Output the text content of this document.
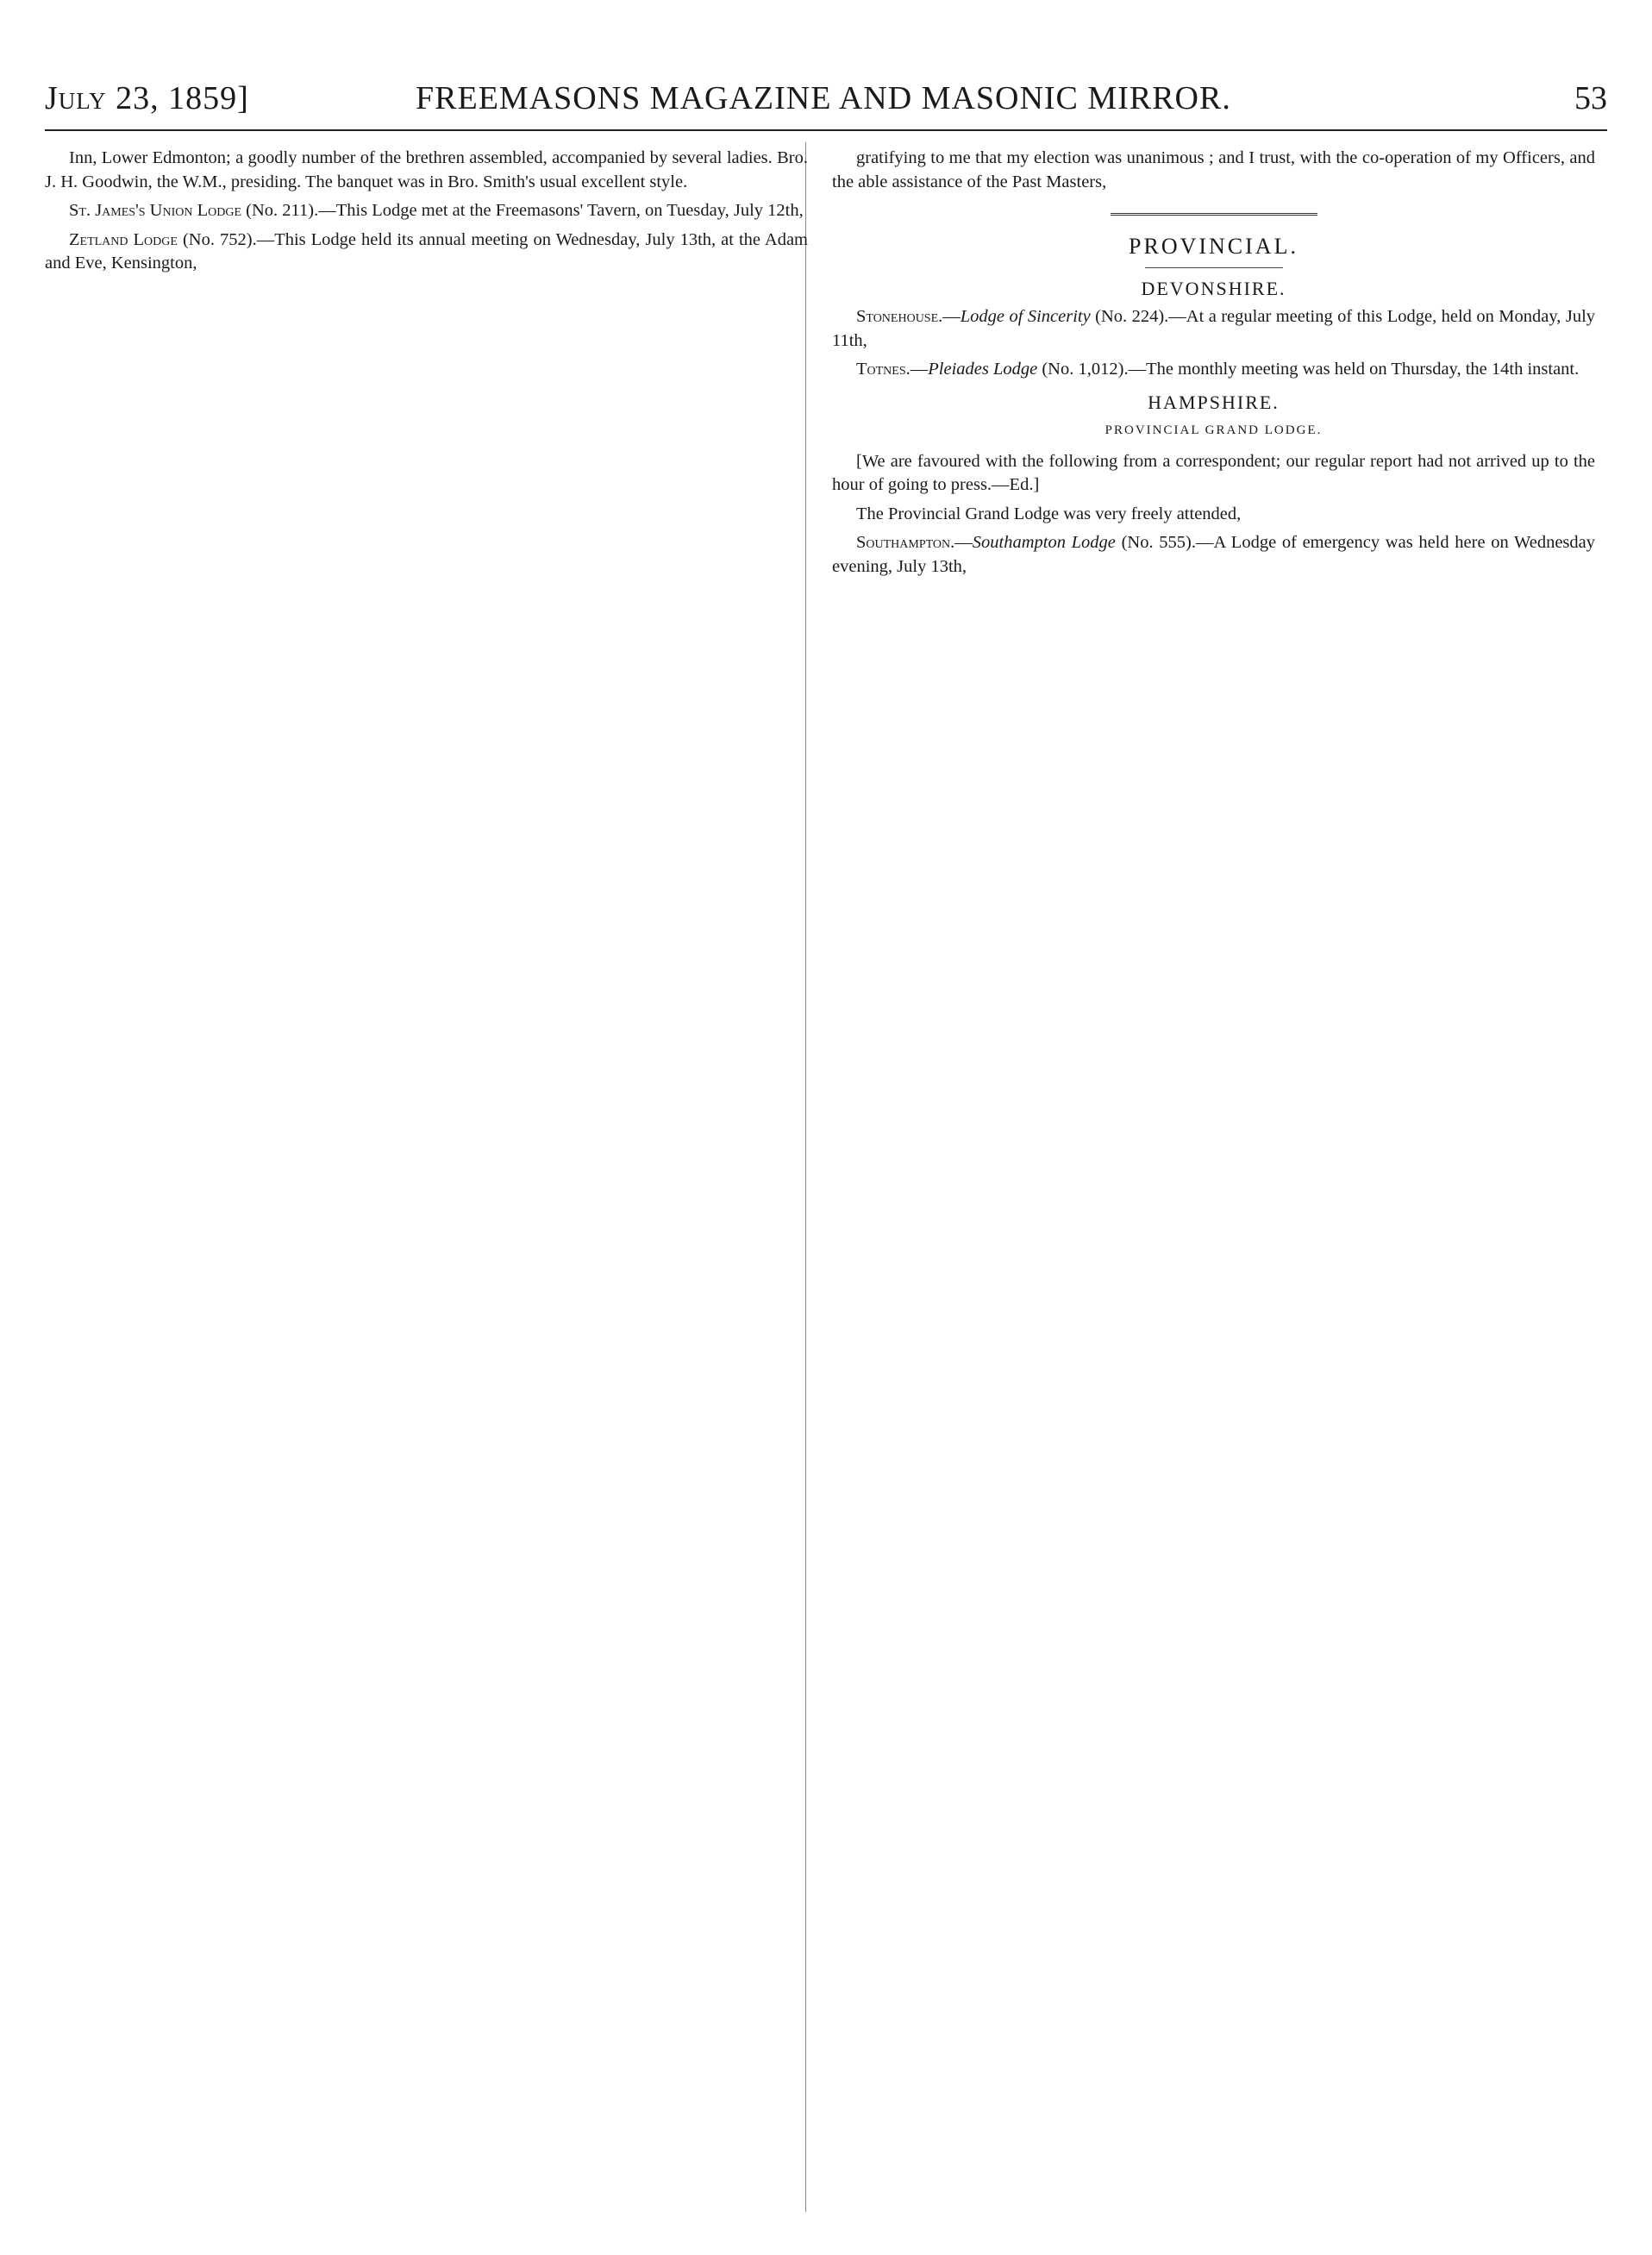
July 23, 1859]	FREEMASONS MAGAZINE AND MASONIC MIRROR.	53

Inn, Lower Edmonton; a goodly number of the brethren assembled, accompanied by several ladies. Bro. J. H. Goodwin, the W.M., presiding. The banquet was in Bro. Smith's usual excellent style.

St. James's Union Lodge (No. 211).—This Lodge met at the Freemasons' Tavern, on Tuesday, July 12th,

Zetland Lodge (No. 752).—This Lodge held its annual meeting on Wednesday, July 13th, at the Adam and Eve, Kensington,

gratifying to me that my election was unanimous ; and I trust, with the co-operation of my Officers, and the able assistance of the Past Masters,

PROVINCIAL.
DEVONSHIRE.

Stonehouse.—Lodge of Sincerity (No. 224).—At a regular meeting of this Lodge, held on Monday, July 11th,

Totnes.—Pleiades Lodge (No. 1,012).—The monthly meeting was held on Thursday, the 14th instant.

HAMPSHIRE.
PROVINCIAL GRAND LODGE.

[We are favoured with the following from a correspondent; our regular report had not arrived up to the hour of going to press.—Ed.]

The Provincial Grand Lodge was very freely attended,

Southampton.—Southampton Lodge (No. 555).—A Lodge of emergency was held here on Wednesday evening, July 13th,
